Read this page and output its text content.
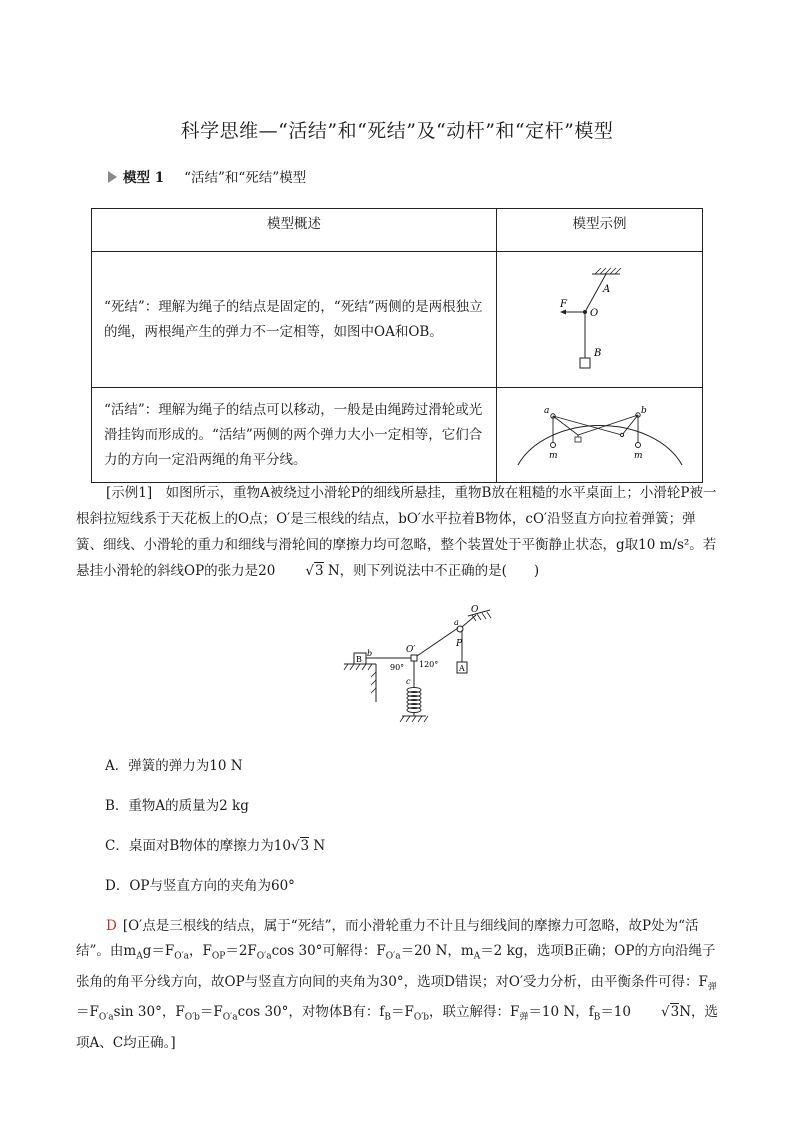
科学思维—“活结”和“死结”及“动杆”和“定杆”模型
模型 1 “活结”和“死结”模型
模型概述	模型示例
“死结”：理解为绳子的结点是固定的，“死结”两侧的是两根独立的绳，两根绳产生的弹力不一定相等，如图中OA和OB。	A
F
O
B

“活结”：理解为绳子的结点可以移动，一般是由绳跨过滑轮或光滑挂钩而形成的。“活结”两侧的两个弹力大小一定相等，它们合力的方向一定沿两绳的角平分线。	a b
m m
[示例1]　 如图所示，重物A被绕过小滑轮P的细线所悬挂，重物B放在粗糙的水平桌面上；小滑轮P被一根斜拉短线系于天花板上的O点；O′是三根线的结点，bO′水平拉着B物体，cO′沿竖直方向拉着弹簧；弹簧、细线、小滑轮的重力和细线与滑轮间的摩擦力均可忽略，整个装置处于平衡静止状态，g取10 m/s²。若悬挂小滑轮的斜线OP的张力是20 √3 N，则下列说法中不正确的是(　　)
O
a
P
A
B
b	O′
90° 120°
c
A．弹簧的弹力为10 N
B．重物A的质量为2 kg
C．桌面对B物体的摩擦力为10√3 N
D．OP与竖直方向的夹角为60°
D [O′点是三根线的结点，属于“死结”，而小滑轮重力不计且与细线间的摩擦力可忽略，故P处为“活结”。由$m_Ag=F_{O'a}$，$F_{OP}=2F_{O'a}\cos$ 30°可解得：$F_{O'a}=20$ N，$m_A=2$ kg，选项B正确；OP的方向沿绳子张角的角平分线方向，故OP与竖直方向间的夹角为30°，选项D错误；对O′受力分析，由平衡条件可得：$F_弹=F_{O'a}\sin$ 30°，$F_{O'b}=F_{O'a}\cos$ 30°，对物体B有：$f_B=F_{O'b}$，联立解得：$F_弹=10$ N，$f_B=10$ √3N，选项A、C均正确。]
